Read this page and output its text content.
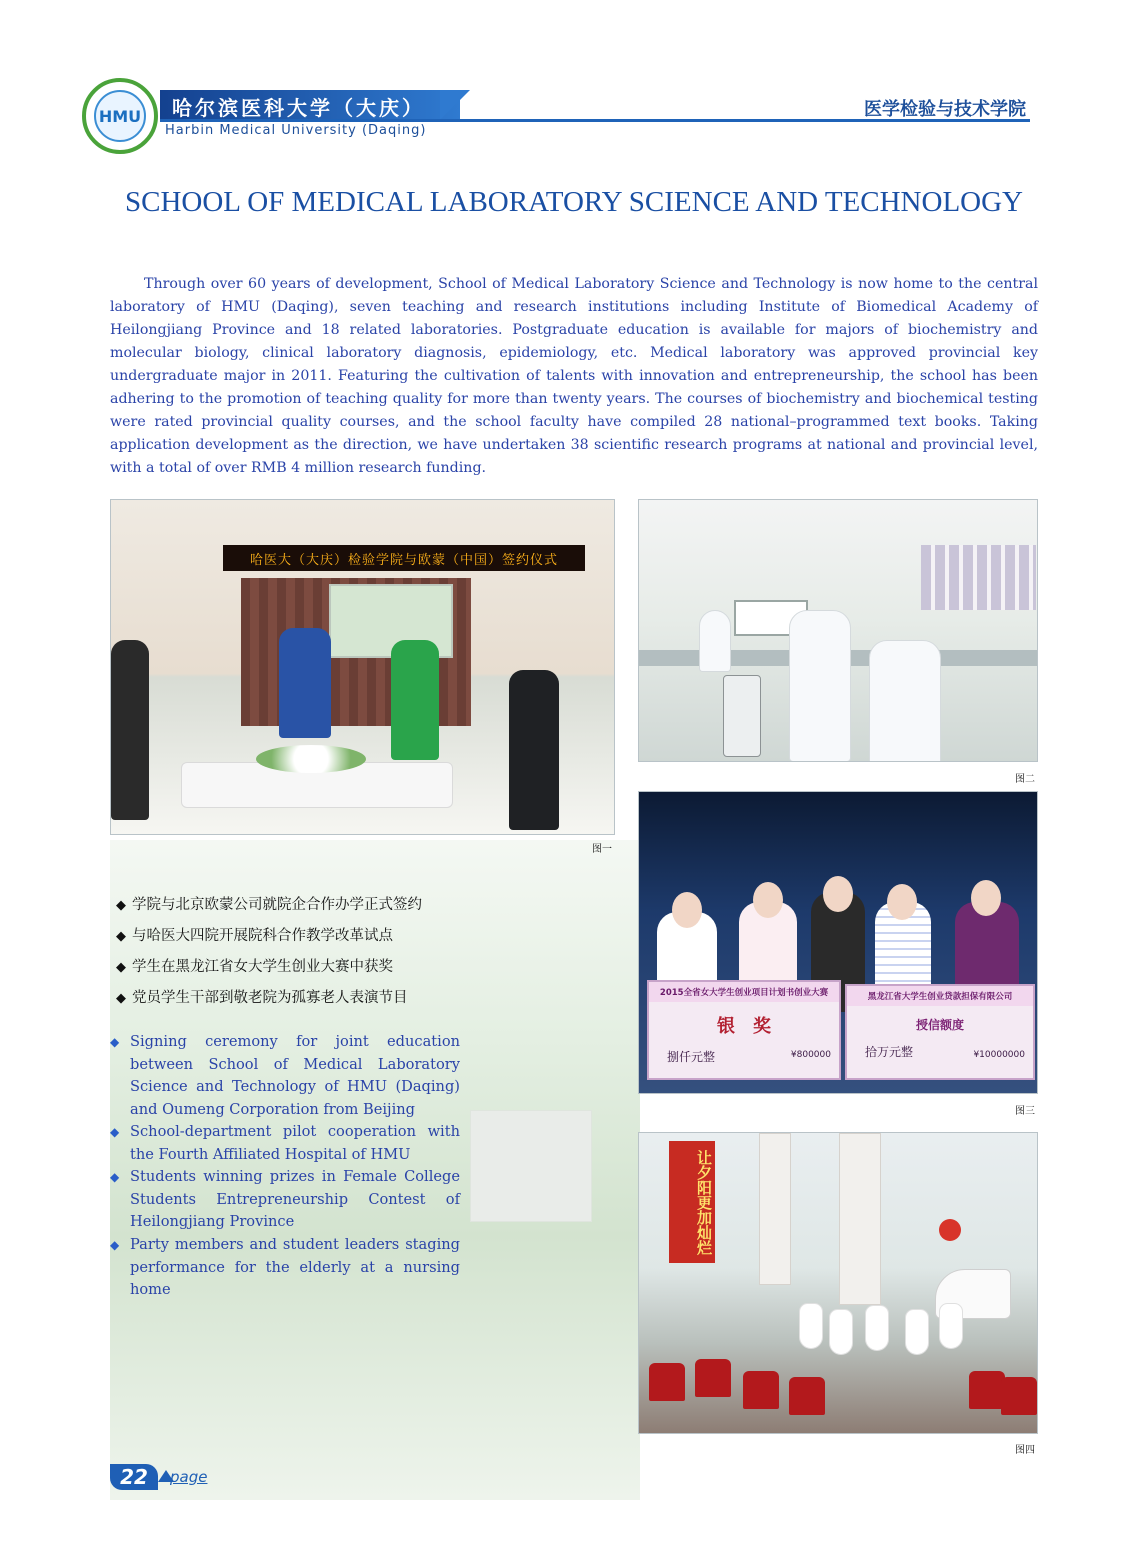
HMU 哈尔滨医科大学（大庆）
Harbin Medical University (Daqing)
医学检验与技术学院
SCHOOL OF MEDICAL LABORATORY SCIENCE AND TECHNOLOGY

Through over 60 years of development, School of Medical Laboratory Science and Technology is now home to the central laboratory of HMU (Daqing), seven teaching and research institutions including Institute of Biomedical Academy of Heilongjiang Province and 18 related laboratories. Postgraduate education is available for majors of biochemistry and molecular biology, clinical laboratory diagnosis, epidemiology, etc. Medical laboratory was approved provincial key undergraduate major in 2011. Featuring the cultivation of talents with innovation and entrepreneurship, the school has been adhering to the promotion of teaching quality for more than twenty years. The courses of biochemistry and biochemical testing were rated provincial quality courses, and the school faculty have compiled 28 national–programmed text books. Taking application development as the direction, we have undertaken 38 scientific research programs at national and provincial level, with a total of over RMB 4 million research funding.

哈医大（大庆）检验学院与欧蒙（中国）签约仪式
图一
图二
2015全省女大学生创业项目计划书创业大赛
银　奖
捌仟元整	¥800000
黑龙江省大学生创业贷款担保有限公司
授信额度
拾万元整	¥10000000
图三
让夕阳更加灿烂
图四
◆ 学院与北京欧蒙公司就院企合作办学正式签约
◆ 与哈医大四院开展院科合作教学改革试点
◆ 学生在黑龙江省女大学生创业大赛中获奖
◆ 党员学生干部到敬老院为孤寡老人表演节目
◆ Signing ceremony for joint education between School of Medical Laboratory Science and Technology of HMU (Daqing) and Oumeng Corporation from Beijing
◆ School-department pilot cooperation with the Fourth Affiliated Hospital of HMU
◆ Students winning prizes in Female College Students Entrepreneurship Contest of Heilongjiang Province
◆ Party members and student leaders staging performance for the elderly at a nursing home
22	page
